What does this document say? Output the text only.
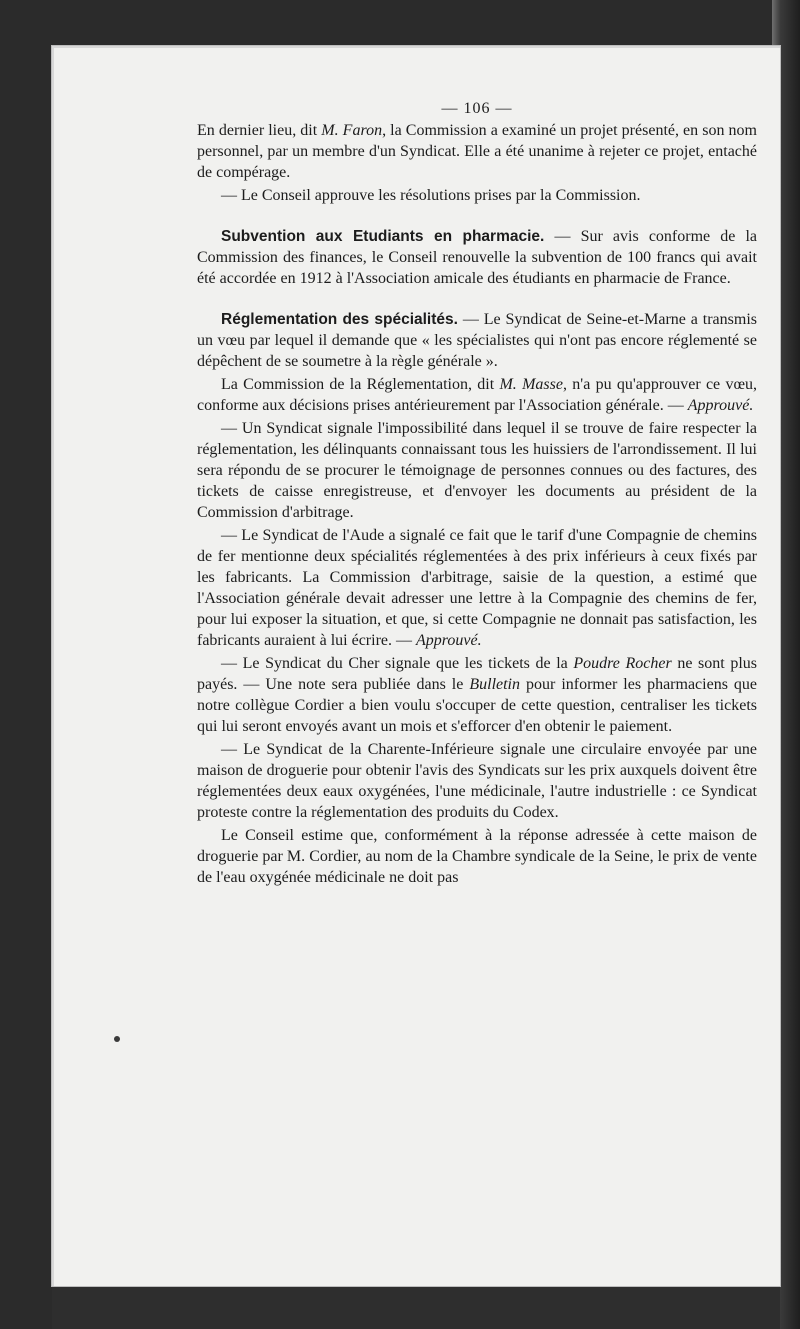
— 106 —

En dernier lieu, dit M. Faron, la Commission a examiné un projet présenté, en son nom personnel, par un membre d'un Syndicat. Elle a été unanime à rejeter ce projet, entaché de compérage.

— Le Conseil approuve les résolutions prises par la Commission.

Subvention aux Etudiants en pharmacie. — Sur avis conforme de la Commission des finances, le Conseil renouvelle la subvention de 100 francs qui avait été accordée en 1912 à l'Association amicale des étudiants en pharmacie de France.

Réglementation des spécialités. — Le Syndicat de Seine-et-Marne a transmis un vœu par lequel il demande que « les spécialistes qui n'ont pas encore réglementé se dépêchent de se soumetre à la règle générale ».

La Commission de la Réglementation, dit M. Masse, n'a pu qu'approuver ce vœu, conforme aux décisions prises antérieurement par l'Association générale. — Approuvé.

— Un Syndicat signale l'impossibilité dans lequel il se trouve de faire respecter la réglementation, les délinquants connaissant tous les huissiers de l'arrondissement. Il lui sera répondu de se procurer le témoignage de personnes connues ou des factures, des tickets de caisse enregistreuse, et d'envoyer les documents au président de la Commission d'arbitrage.

— Le Syndicat de l'Aude a signalé ce fait que le tarif d'une Compagnie de chemins de fer mentionne deux spécialités réglementées à des prix inférieurs à ceux fixés par les fabricants. La Commission d'arbitrage, saisie de la question, a estimé que l'Association générale devait adresser une lettre à la Compagnie des chemins de fer, pour lui exposer la situation, et que, si cette Compagnie ne donnait pas satisfaction, les fabricants auraient à lui écrire. — Approuvé.

— Le Syndicat du Cher signale que les tickets de la Poudre Rocher ne sont plus payés. — Une note sera publiée dans le Bulletin pour informer les pharmaciens que notre collègue Cordier a bien voulu s'occuper de cette question, centraliser les tickets qui lui seront envoyés avant un mois et s'efforcer d'en obtenir le paiement.

— Le Syndicat de la Charente-Inférieure signale une circulaire envoyée par une maison de droguerie pour obtenir l'avis des Syndicats sur les prix auxquels doivent être réglementées deux eaux oxygénées, l'une médicinale, l'autre industrielle : ce Syndicat proteste contre la réglementation des produits du Codex.

Le Conseil estime que, conformément à la réponse adressée à cette maison de droguerie par M. Cordier, au nom de la Chambre syndicale de la Seine, le prix de vente de l'eau oxygénée médicinale ne doit pas
